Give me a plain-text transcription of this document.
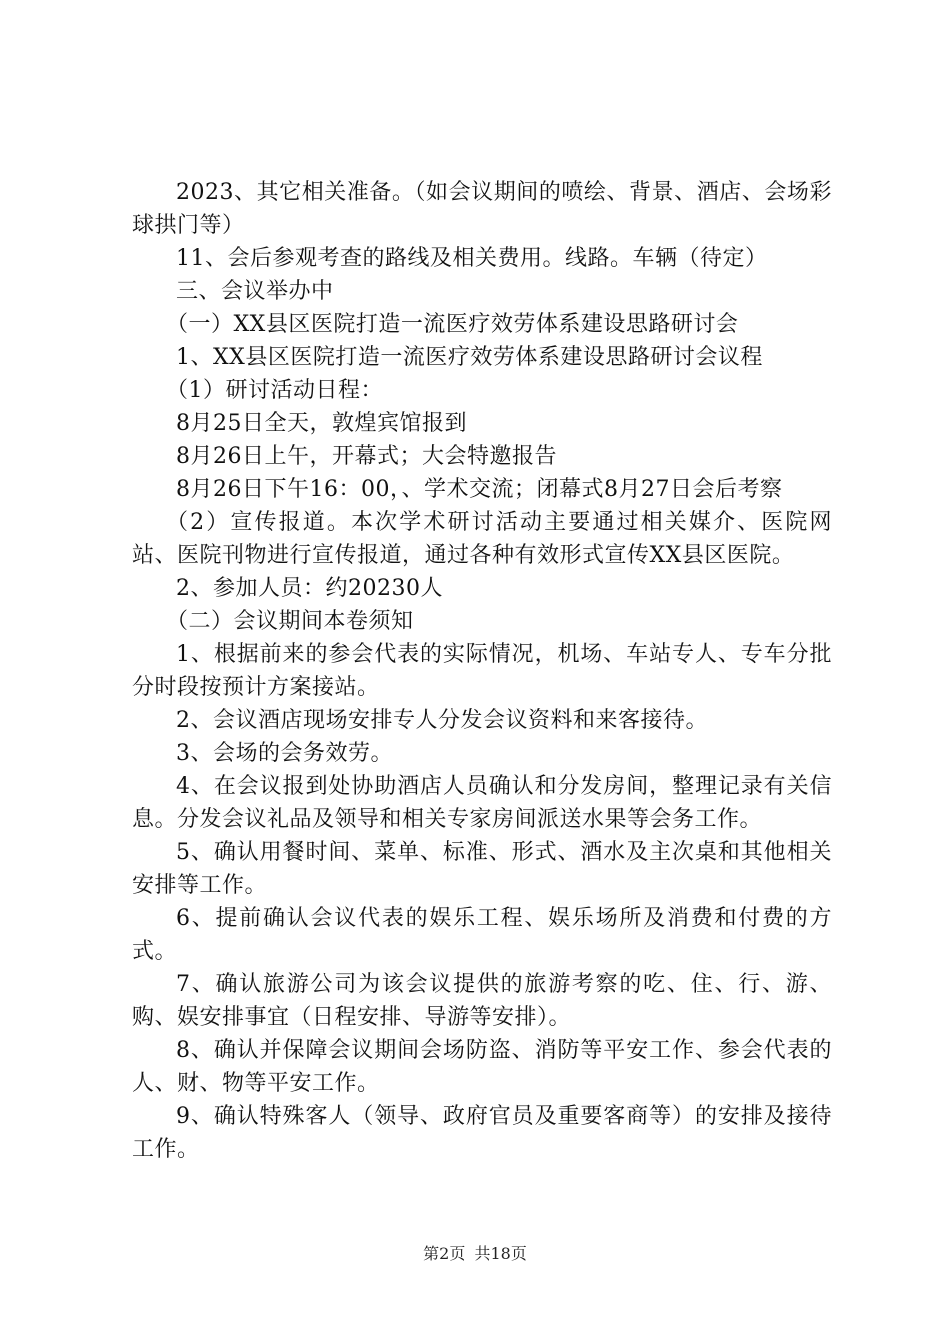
2023、其它相关准备。（如会议期间的喷绘、背景、酒店、会场彩球拱门等）

11、会后参观考查的路线及相关费用。线路。车辆（待定）

三、会议举办中

（一）XX县区医院打造一流医疗效劳体系建设思路研讨会

1、XX县区医院打造一流医疗效劳体系建设思路研讨会议程

（1）研讨活动日程：

8月25日全天，敦煌宾馆报到

8月26日上午，开幕式；大会特邀报告

8月26日下午16：00，、学术交流；闭幕式8月27日会后考察

（2）宣传报道。本次学术研讨活动主要通过相关媒介、医院网站、医院刊物进行宣传报道，通过各种有效形式宣传XX县区医院。

2、参加人员：约20230人

（二）会议期间本卷须知

1、根据前来的参会代表的实际情况，机场、车站专人、专车分批分时段按预计方案接站。

2、会议酒店现场安排专人分发会议资料和来客接待。

3、会场的会务效劳。

4、在会议报到处协助酒店人员确认和分发房间，整理记录有关信息。分发会议礼品及领导和相关专家房间派送水果等会务工作。

5、确认用餐时间、菜单、标准、形式、酒水及主次桌和其他相关安排等工作。

6、提前确认会议代表的娱乐工程、娱乐场所及消费和付费的方式。

7、确认旅游公司为该会议提供的旅游考察的吃、住、行、游、购、娱安排事宜（日程安排、导游等安排）。

8、确认并保障会议期间会场防盗、消防等平安工作、参会代表的人、财、物等平安工作。

9、确认特殊客人（领导、政府官员及重要客商等）的安排及接待工作。

第2页 共18页
